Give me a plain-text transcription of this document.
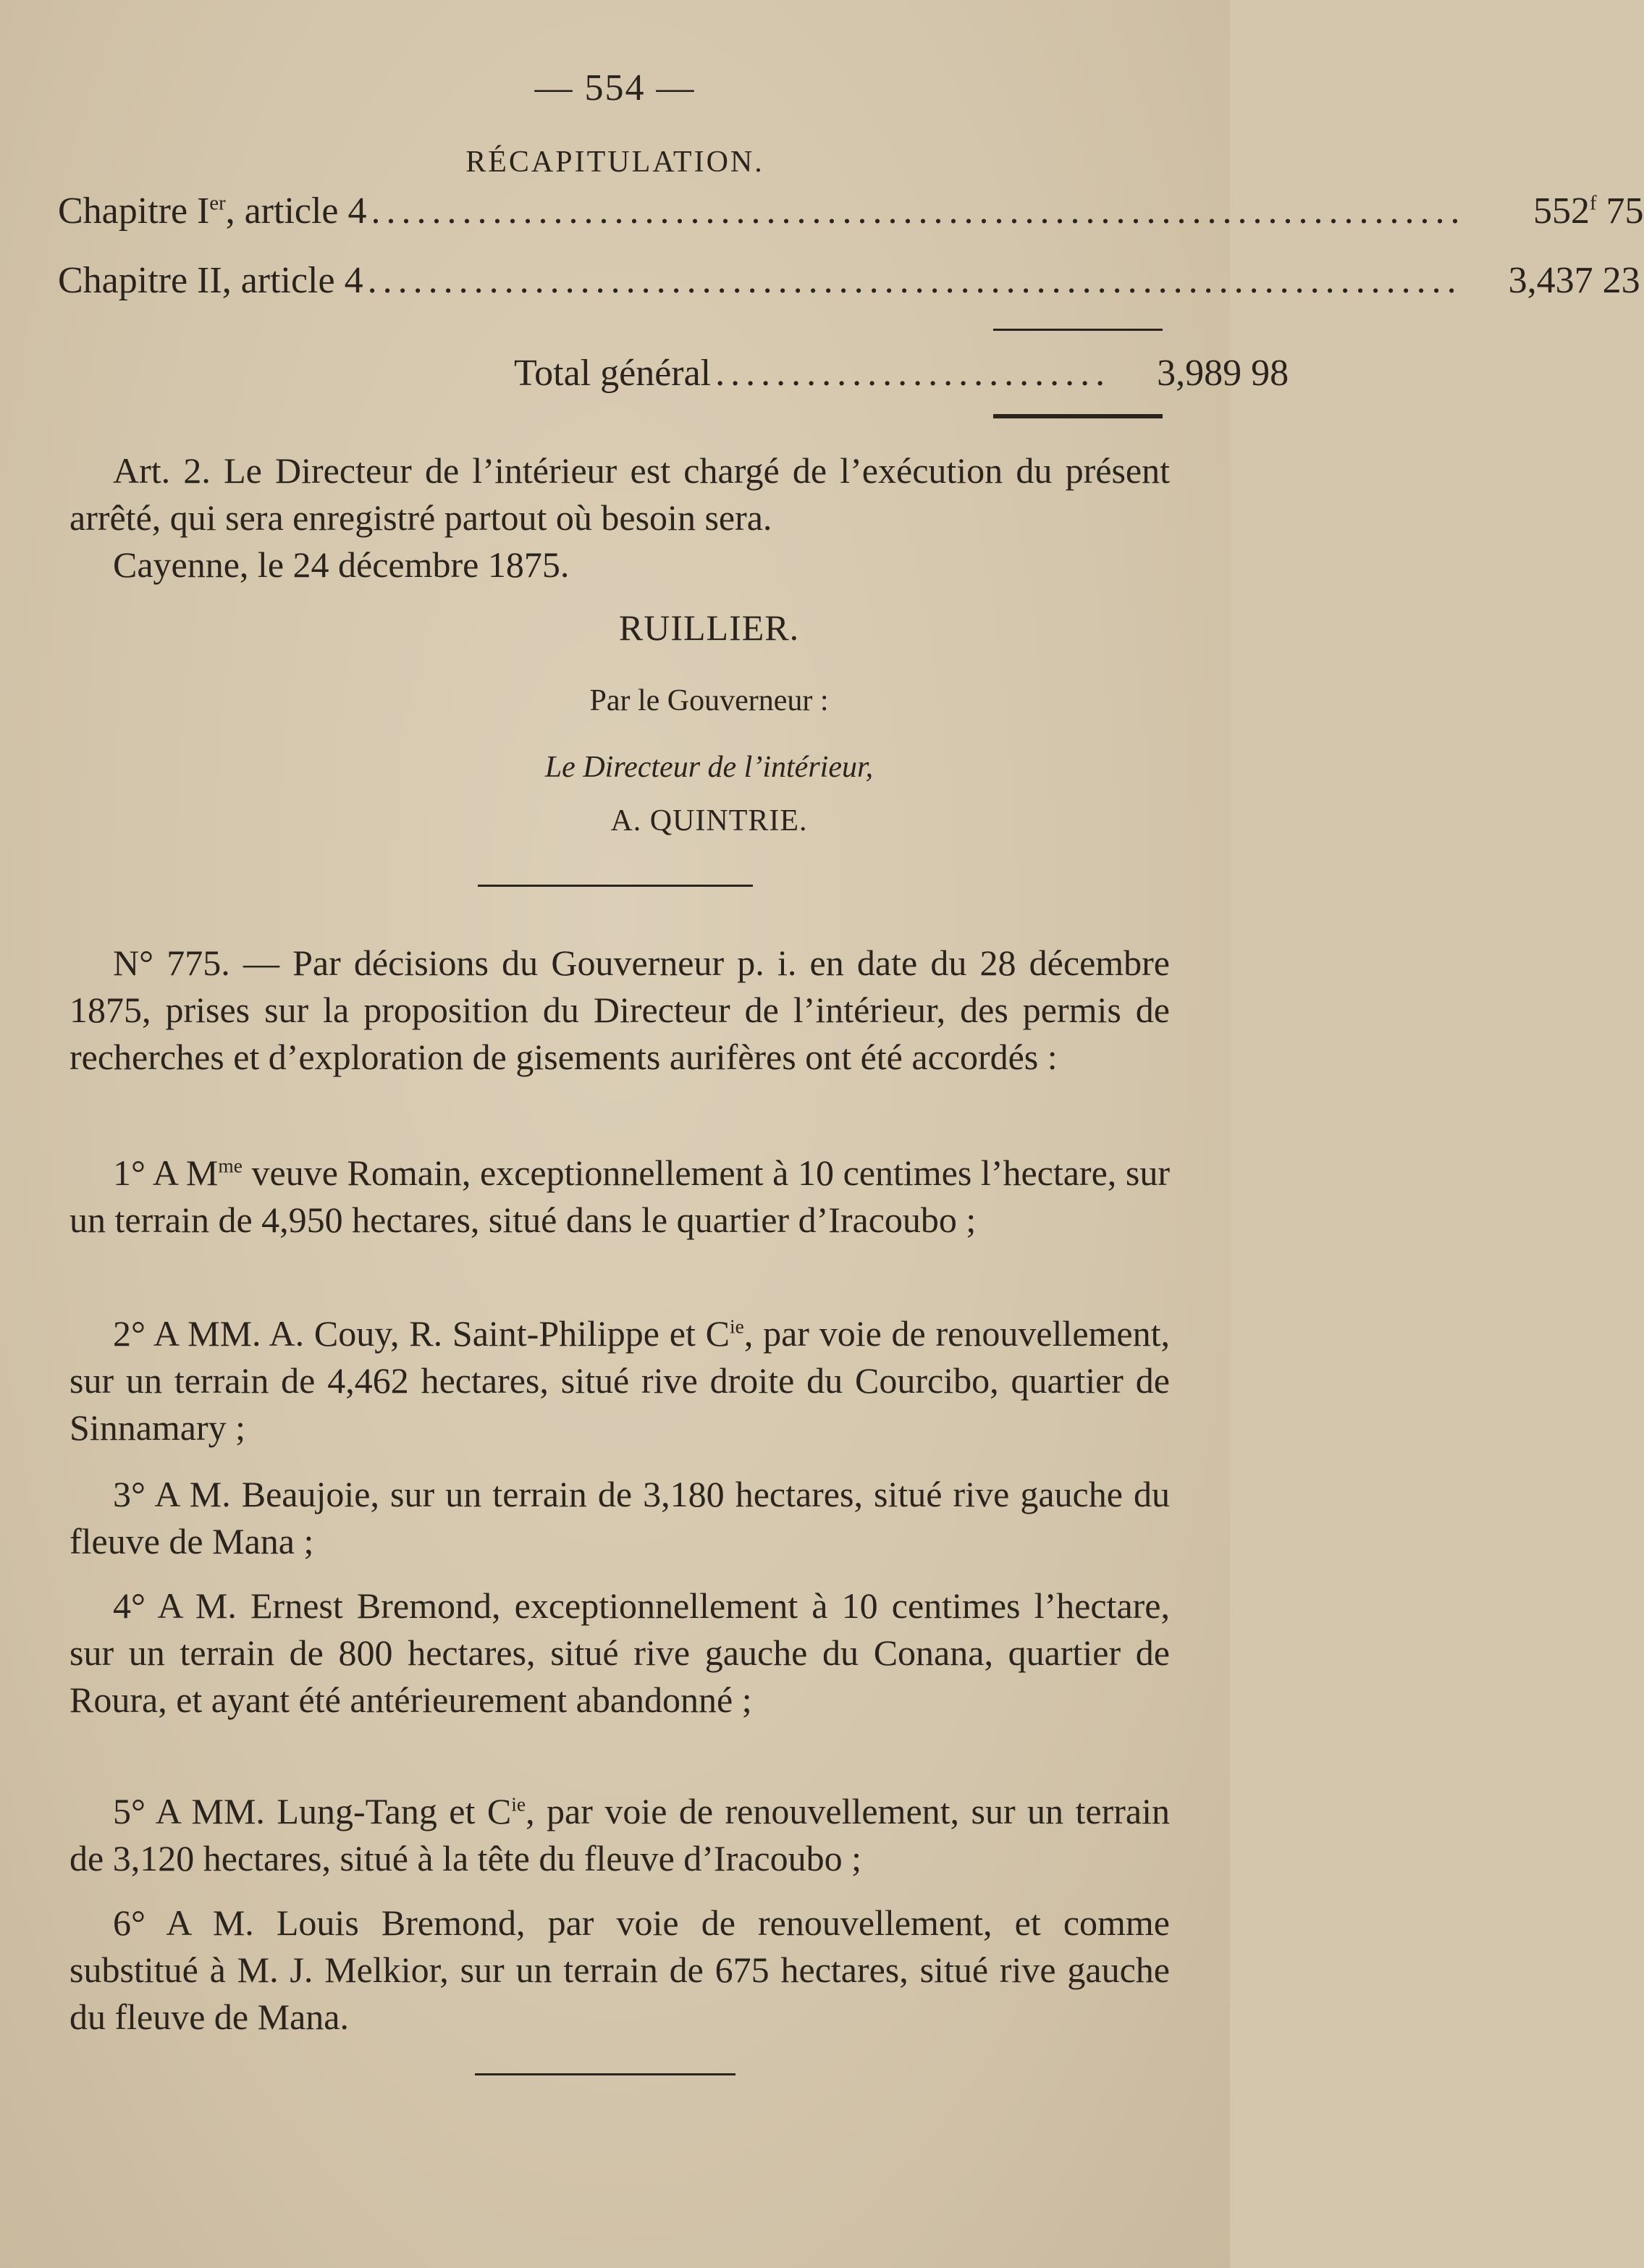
— 554 —
RÉCAPITULATION.
Chapitre Ier, article 4 ........................................................................	552$^f$ 75
Chapitre II, article 4 ........................................................................	3,437 23
Total général ..........................	3,989 98
Art. 2. Le Directeur de l’intérieur est chargé de l’exécution du présent arrêté, qui sera enregistré partout où besoin sera.
Cayenne, le 24 décembre 1875.
RUILLIER.
Par le Gouverneur :
Le Directeur de l’intérieur,
A. QUINTRIE.
N° 775. — Par décisions du Gouverneur p. i. en date du 28 décembre 1875, prises sur la proposition du Directeur de l’intérieur, des permis de recherches et d’exploration de gisements aurifères ont été accordés :
1° A $M^{me}$ veuve Romain, exceptionnellement à 10 centimes l’hectare, sur un terrain de 4,950 hectares, situé dans le quartier d’Iracoubo ;
2° A MM. A. Couy, R. Saint-Philippe et $C^{ie}$, par voie de renouvellement, sur un terrain de 4,462 hectares, situé rive droite du Courcibo, quartier de Sinnamary ;
3° A M. Beaujoie, sur un terrain de 3,180 hectares, situé rive gauche du fleuve de Mana ;
4° A M. Ernest Bremond, exceptionnellement à 10 centimes l’hectare, sur un terrain de 800 hectares, situé rive gauche du Conana, quartier de Roura, et ayant été antérieurement abandonné ;
5° A MM. Lung-Tang et $C^{ie}$, par voie de renouvellement, sur un terrain de 3,120 hectares, situé à la tête du fleuve d’Iracoubo ;
6° A M. Louis Bremond, par voie de renouvellement, et comme substitué à M. J. Melkior, sur un terrain de 675 hectares, situé rive gauche du fleuve de Mana.
